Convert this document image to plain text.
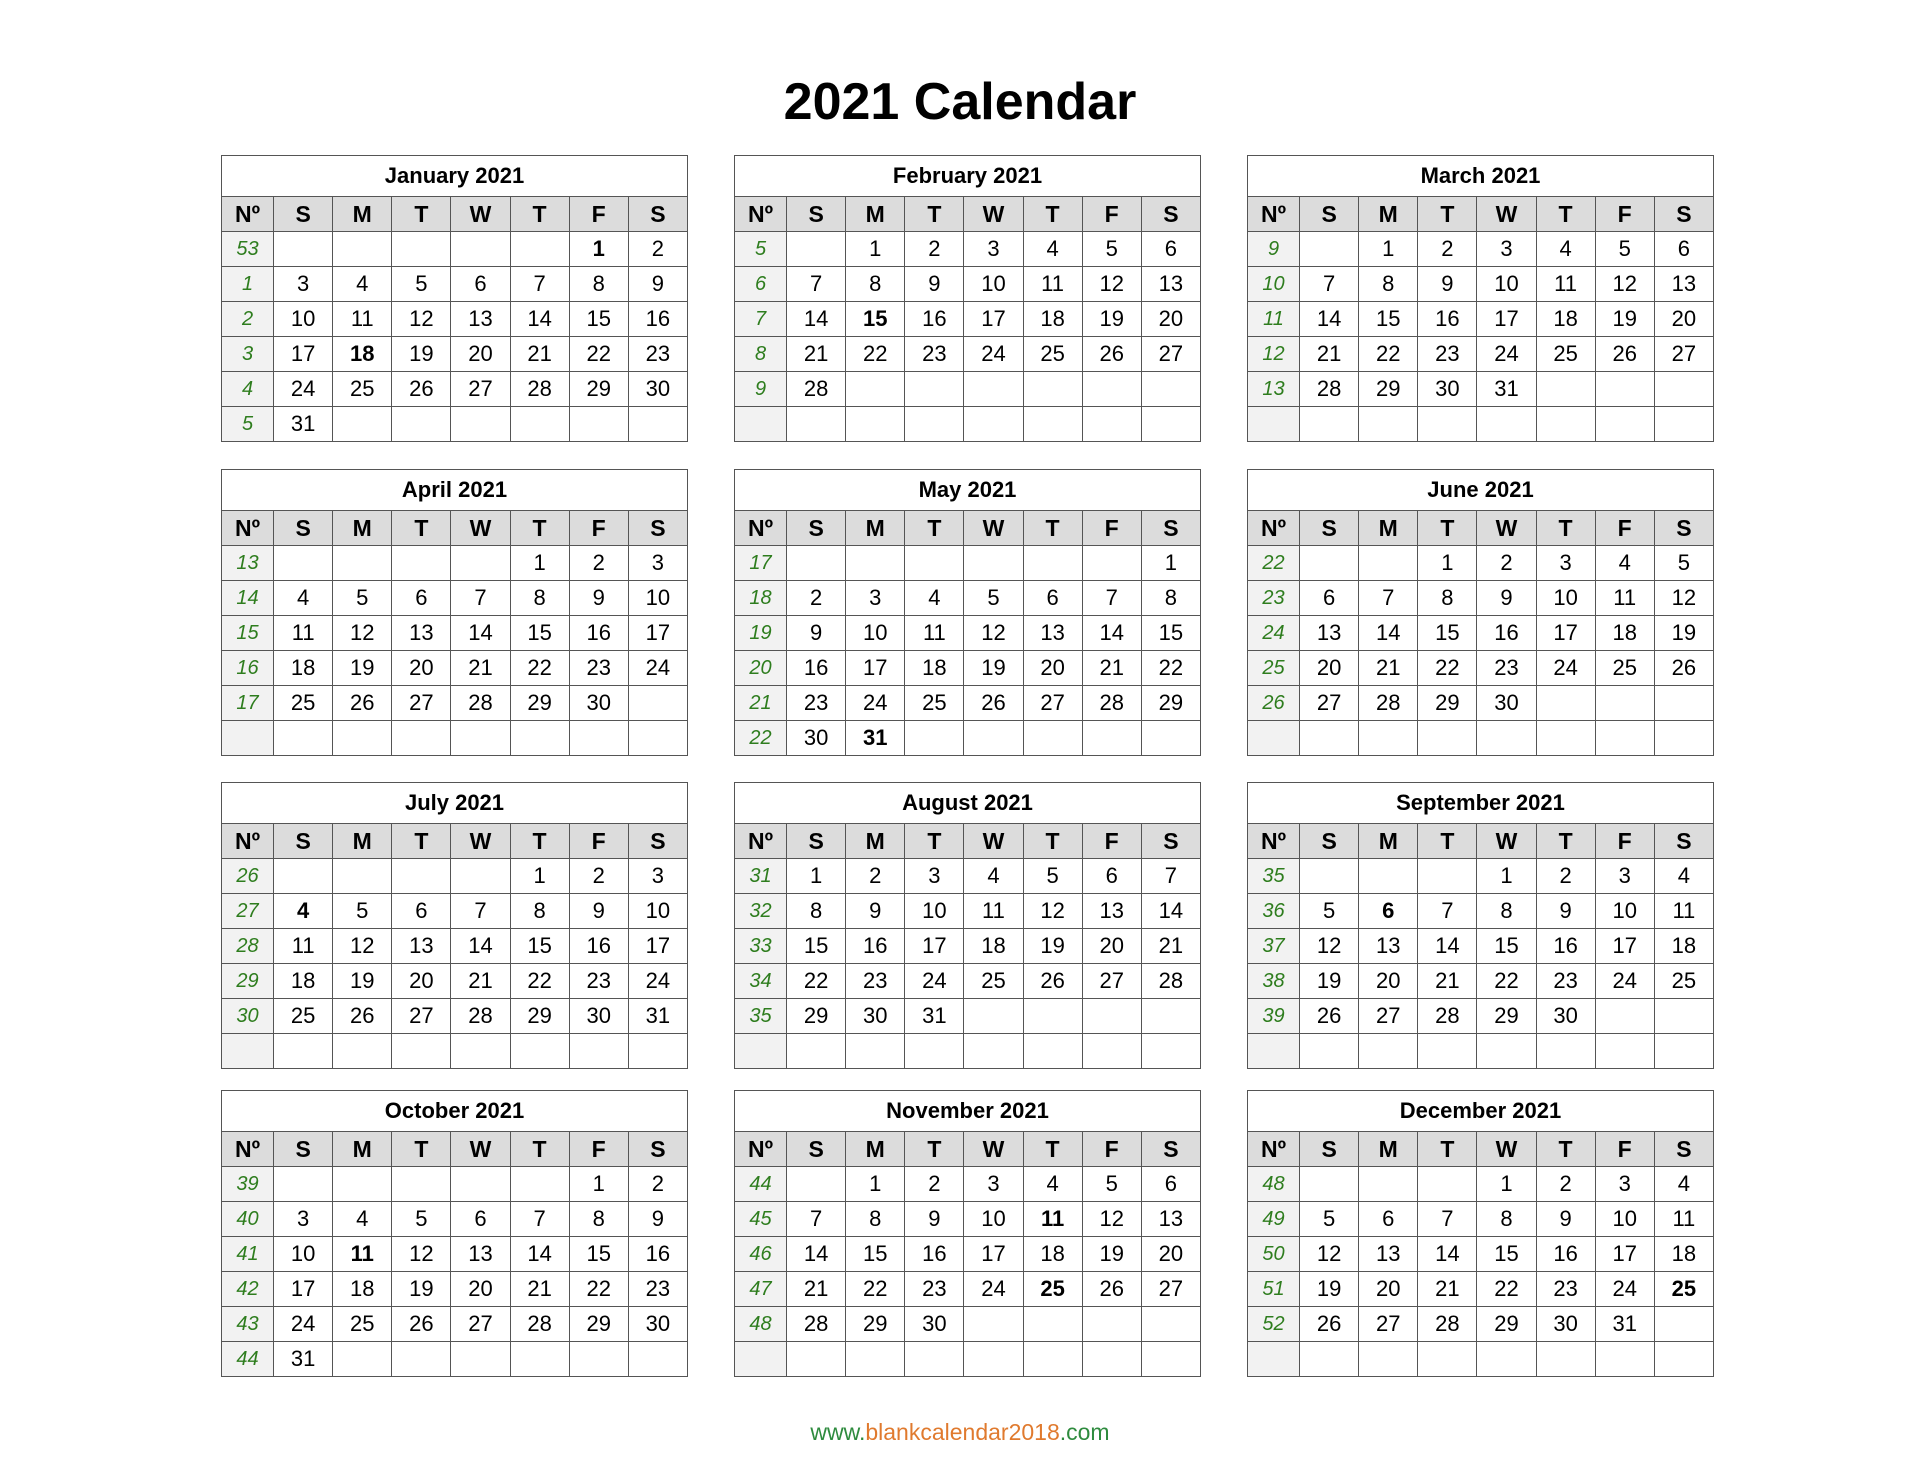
2021 Calendar
January 2021							
Nº	S	M	T	W	T	F	S
53						1	2
1	3	4	5	6	7	8	9
2	10	11	12	13	14	15	16
3	17	18	19	20	21	22	23
4	24	25	26	27	28	29	30
5	31						
February 2021							
Nº	S	M	T	W	T	F	S
5		1	2	3	4	5	6
6	7	8	9	10	11	12	13
7	14	15	16	17	18	19	20
8	21	22	23	24	25	26	27
9	28						

March 2021							
Nº	S	M	T	W	T	F	S
9		1	2	3	4	5	6
10	7	8	9	10	11	12	13
11	14	15	16	17	18	19	20
12	21	22	23	24	25	26	27
13	28	29	30	31			

April 2021							
Nº	S	M	T	W	T	F	S
13					1	2	3
14	4	5	6	7	8	9	10
15	11	12	13	14	15	16	17
16	18	19	20	21	22	23	24
17	25	26	27	28	29	30	

May 2021							
Nº	S	M	T	W	T	F	S
17							1
18	2	3	4	5	6	7	8
19	9	10	11	12	13	14	15
20	16	17	18	19	20	21	22
21	23	24	25	26	27	28	29
22	30	31					
June 2021							
Nº	S	M	T	W	T	F	S
22			1	2	3	4	5
23	6	7	8	9	10	11	12
24	13	14	15	16	17	18	19
25	20	21	22	23	24	25	26
26	27	28	29	30			

July 2021							
Nº	S	M	T	W	T	F	S
26					1	2	3
27	4	5	6	7	8	9	10
28	11	12	13	14	15	16	17
29	18	19	20	21	22	23	24
30	25	26	27	28	29	30	31

August 2021							
Nº	S	M	T	W	T	F	S
31	1	2	3	4	5	6	7
32	8	9	10	11	12	13	14
33	15	16	17	18	19	20	21
34	22	23	24	25	26	27	28
35	29	30	31				

September 2021							
Nº	S	M	T	W	T	F	S
35				1	2	3	4
36	5	6	7	8	9	10	11
37	12	13	14	15	16	17	18
38	19	20	21	22	23	24	25
39	26	27	28	29	30		

October 2021							
Nº	S	M	T	W	T	F	S
39						1	2
40	3	4	5	6	7	8	9
41	10	11	12	13	14	15	16
42	17	18	19	20	21	22	23
43	24	25	26	27	28	29	30
44	31						
November 2021							
Nº	S	M	T	W	T	F	S
44		1	2	3	4	5	6
45	7	8	9	10	11	12	13
46	14	15	16	17	18	19	20
47	21	22	23	24	25	26	27
48	28	29	30				

December 2021							
Nº	S	M	T	W	T	F	S
48				1	2	3	4
49	5	6	7	8	9	10	11
50	12	13	14	15	16	17	18
51	19	20	21	22	23	24	25
52	26	27	28	29	30	31	

www.blankcalendar2018.com
